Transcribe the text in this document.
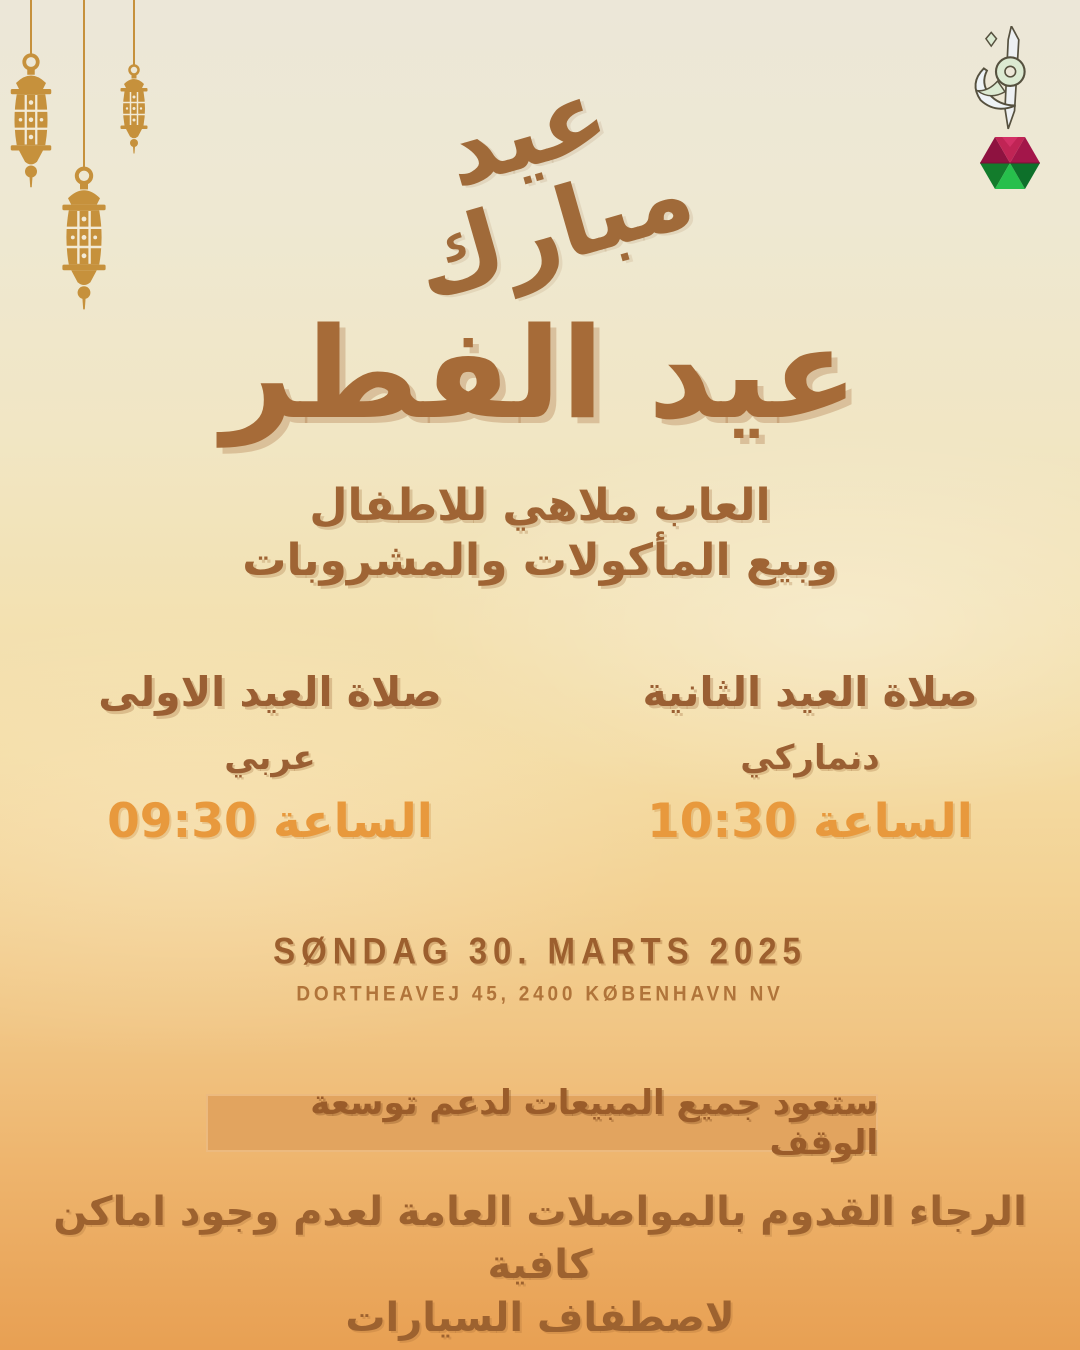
عيد مبارك
عيد الفطر
العاب ملاهي للاطفال
وبيع المأكولات والمشروبات
صلاة العيد الاولى
عربي
الساعة 09:30
صلاة العيد الثانية
دنماركي
الساعة 10:30
SØNDAG 30. MARTS 2025
DORTHEAVEJ 45, 2400 KØBENHAVN NV
ستعود جميع المبيعات لدعم توسعة الوقف
الرجاء القدوم بالمواصلات العامة لعدم وجود اماكن كافية
لاصطفاف السيارات
